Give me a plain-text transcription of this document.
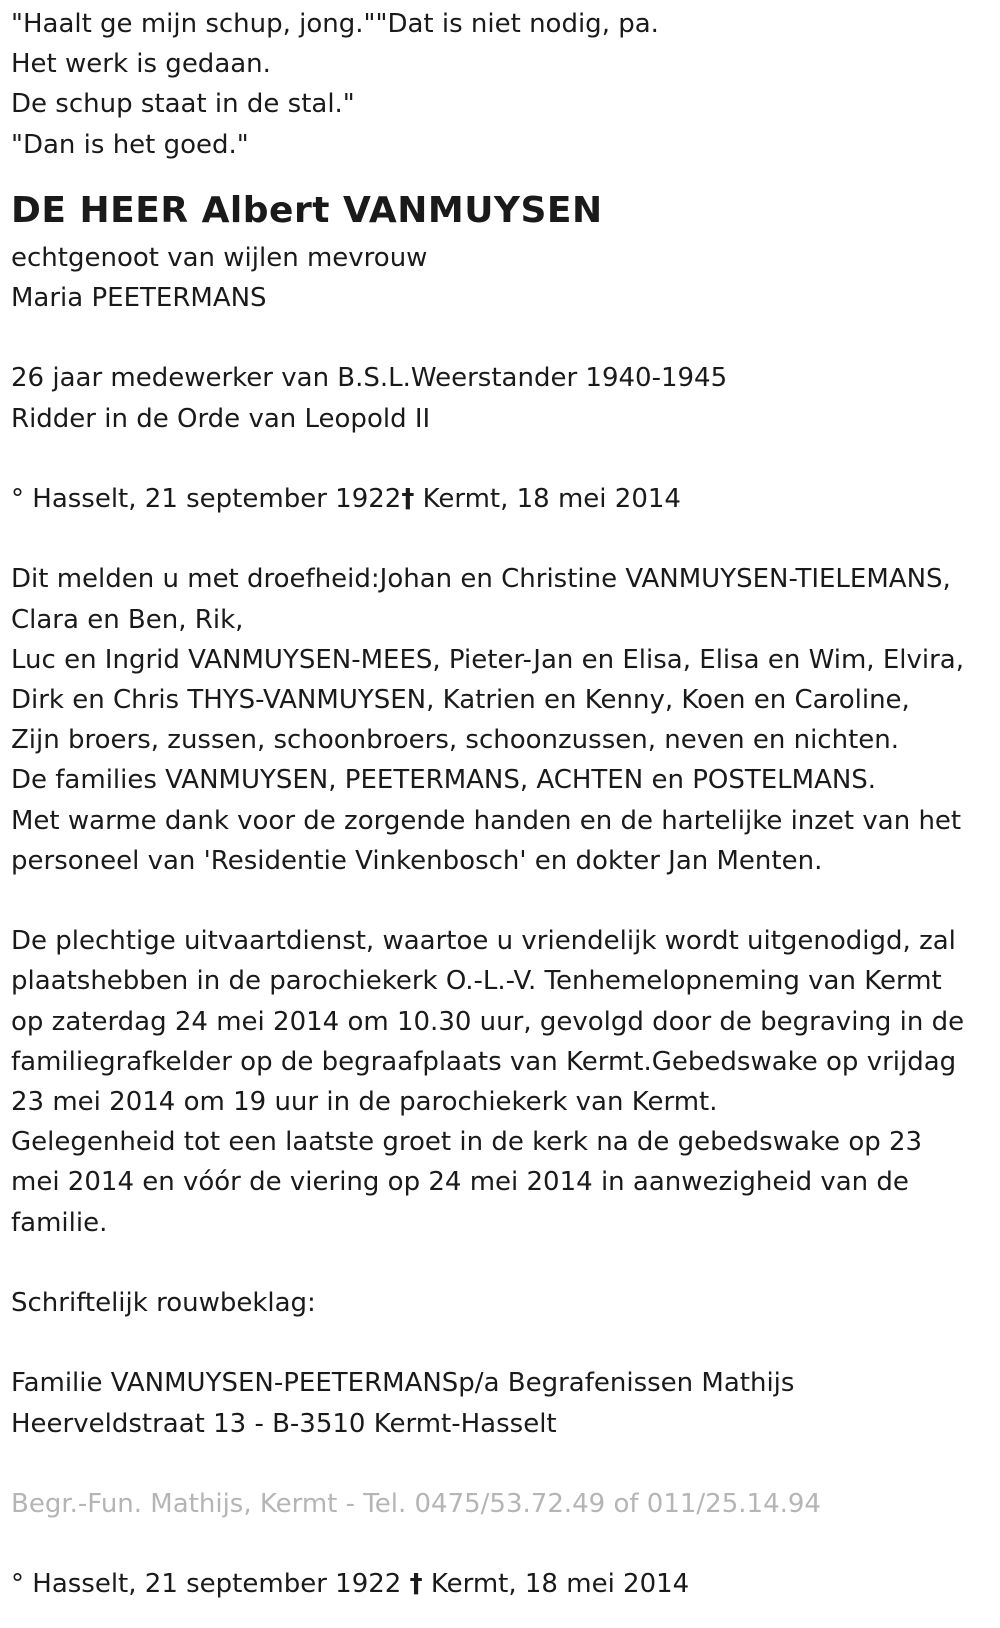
"Haalt ge mijn schup, jong.""Dat is niet nodig, pa.

Het werk is gedaan.

De schup staat in de stal."

"Dan is het goed."

DE HEER Albert VANMUYSEN

echtgenoot van wijlen mevrouw

Maria PEETERMANS

26 jaar medewerker van B.S.L.Weerstander 1940-1945

Ridder in de Orde van Leopold II

° Hasselt, 21 september 1922† Kermt, 18 mei 2014

Dit melden u met droefheid:Johan en Christine VANMUYSEN-TIELEMANS,

Clara en Ben, Rik,

Luc en Ingrid VANMUYSEN-MEES, Pieter-Jan en Elisa, Elisa en Wim, Elvira,

Dirk en Chris THYS-VANMUYSEN, Katrien en Kenny, Koen en Caroline,

Zijn broers, zussen, schoonbroers, schoonzussen, neven en nichten.

De families VANMUYSEN, PEETERMANS, ACHTEN en POSTELMANS.

Met warme dank voor de zorgende handen en de hartelijke inzet van het

personeel van 'Residentie Vinkenbosch' en dokter Jan Menten.

De plechtige uitvaartdienst, waartoe u vriendelijk wordt uitgenodigd, zal

plaatshebben in de parochiekerk O.-L.-V. Tenhemelopneming van Kermt

op zaterdag 24 mei 2014 om 10.30 uur, gevolgd door de begraving in de

familiegrafkelder op de begraafplaats van Kermt.Gebedswake op vrijdag

23 mei 2014 om 19 uur in de parochiekerk van Kermt.

Gelegenheid tot een laatste groet in de kerk na de gebedswake op 23

mei 2014 en vóór de viering op 24 mei 2014 in aanwezigheid van de

familie.

Schriftelijk rouwbeklag:

Familie VANMUYSEN-PEETERMANSp/a Begrafenissen Mathijs

Heerveldstraat 13 - B-3510 Kermt-Hasselt

Begr.-Fun. Mathijs, Kermt - Tel. 0475/53.72.49 of 011/25.14.94

° Hasselt, 21 september 1922 † Kermt, 18 mei 2014
